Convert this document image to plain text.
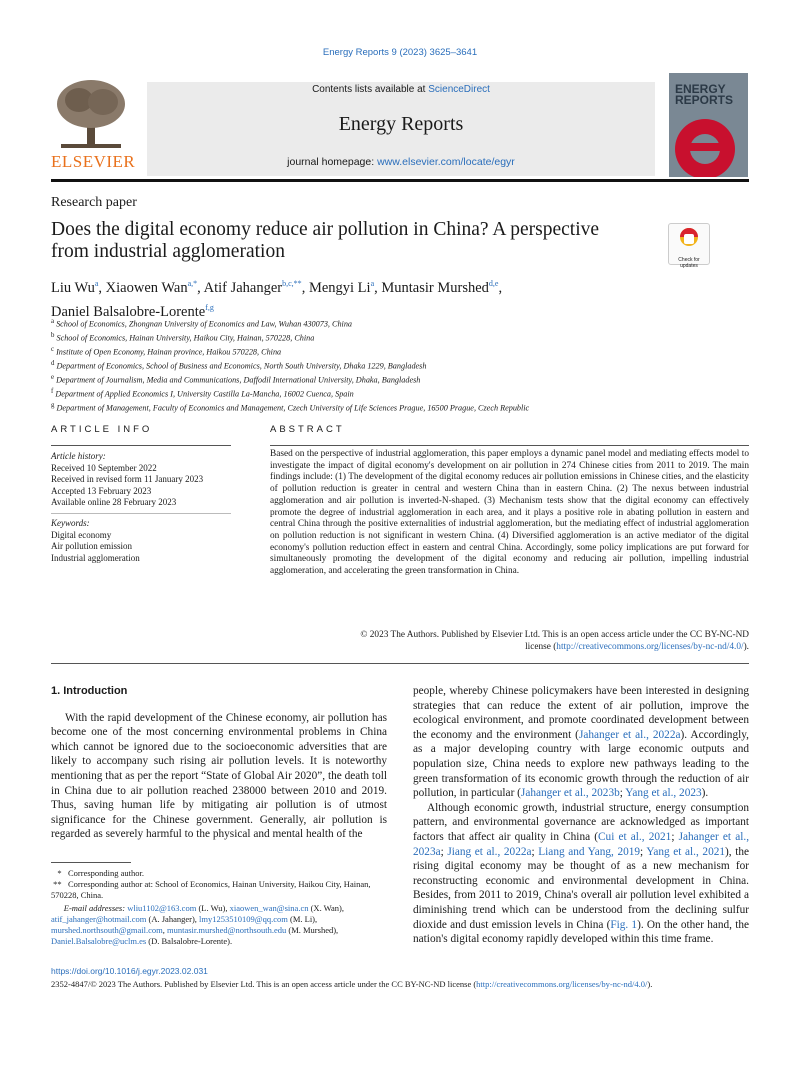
Energy Reports 9 (2023) 3625–3641
ELSEVIER
Contents lists available at ScienceDirect
Energy Reports
journal homepage: www.elsevier.com/locate/egyr
ENERGY
REPORTS
Research paper
Does the digital economy reduce air pollution in China? A perspective from industrial agglomeration	Check for updates
Liu Wu$^a$, Xiaowen Wan$^{a,*}$, Atif Jahanger$^{b,c,**}$, Mengyi Li$^a$, Muntasir Murshed$^{d,e}$,
Daniel Balsalobre-Lorente$^{f,g}$
$^a$ School of Economics, Zhongnan University of Economics and Law, Wuhan 430073, China
$^b$ School of Economics, Hainan University, Haikou City, Hainan, 570228, China
$^c$ Institute of Open Economy, Hainan province, Haikou 570228, China
$^d$ Department of Economics, School of Business and Economics, North South University, Dhaka 1229, Bangladesh
$^e$ Department of Journalism, Media and Communications, Daffodil International University, Dhaka, Bangladesh
$^f$ Department of Applied Economics I, University Castilla La-Mancha, 16002 Cuenca, Spain
$^g$ Department of Management, Faculty of Economics and Management, Czech University of Life Sciences Prague, 16500 Prague, Czech Republic
ARTICLE INFO	ABSTRACT
Article history:
Received 10 September 2022
Received in revised form 11 January 2023
Accepted 13 February 2023
Available online 28 February 2023
Keywords:
Digital economy
Air pollution emission
Industrial agglomeration
Based on the perspective of industrial agglomeration, this paper employs a dynamic panel model and mediating effects model to investigate the impact of digital economy's development on air pollution in 274 Chinese cities from 2011 to 2019. The main findings include: (1) The development of the digital economy reduces air pollution emissions in Chinese cities, and the elasticity of pollution reduction is greater in central and western China than in eastern China. (2) The nexus between industrial agglomeration and air pollution is inverted-N-shaped. (3) Mechanism tests show that the digital economy can effectively promote the degree of industrial agglomeration in each area, and it plays a positive role in abating pollution in eastern and central China through the positive externalities of industrial agglomeration, but the mediating effect of industrial agglomeration on pollution reduction is not significant in western China. (4) Diversified agglomeration is an active mediator of the digital economy's pollution reduction effect in eastern and central China. Accordingly, some policy implications are put forward for simultaneously promoting the development of the digital economy and reducing air pollution, impelling industrial agglomeration, and accelerating the green transformation in China.
© 2023 The Authors. Published by Elsevier Ltd. This is an open access article under the CC BY-NC-ND
license (http://creativecommons.org/licenses/by-nc-nd/4.0/).
1. Introduction

With the rapid development of the Chinese economy, air pollution has become one of the most concerning environmental problems in China which cannot be ignored due to the socioeconomic adversities that are likely to accompany such rising air pollution levels. It is noteworthy mentioning that as per the report “State of Global Air 2020”, the death toll in China due to air pollution reached 238000 between 2010 and 2019. Thus, saving human life by mitigating air pollution is of utmost significance for the Chinese government. Generally, air pollution is regarded as severely harmful to the physical and mental health of the

people, whereby Chinese policymakers have been interested in designing strategies that can reduce the extent of air pollution, improve the ecological environment, and promote coordinated development between the economy and the environment (Jahanger et al., 2022a). Accordingly, as a major developing country with large economic outputs and population size, China needs to explore new pathways leading to the green transformation of its economic growth through the reduction of air pollution, in particular (Jahanger et al., 2023b; Yang et al., 2023).

Although economic growth, industrial structure, energy consumption pattern, and environmental governance are acknowledged as important factors that affect air quality in China (Cui et al., 2021; Jahanger et al., 2023a; Jiang et al., 2022a; Liang and Yang, 2019; Yang et al., 2021), the rising digital economy may be thought of as a new mechanism for reconstructing economic and environmental development in China. Besides, from 2011 to 2019, China's overall air pollution level exhibited a diminishing trend which can be understood from the declining sulfur dioxide and dust emission levels in China (Fig. 1). On the other hand, the nation's digital economy rapidly developed within this time frame.

*   Corresponding author.
**   Corresponding author at: School of Economics, Hainan University, Haikou City, Hainan, 570228, China.
E-mail addresses: wliu1102@163.com (L. Wu), xiaowen_wan@sina.cn (X. Wan), atif_jahanger@hotmail.com (A. Jahanger), lmy1253510109@qq.com (M. Li), murshed.northsouth@gmail.com, muntasir.murshed@northsouth.edu (M. Murshed), Daniel.Balsalobre@uclm.es (D. Balsalobre-Lorente).
https://doi.org/10.1016/j.egyr.2023.02.031
2352-4847/© 2023 The Authors. Published by Elsevier Ltd. This is an open access article under the CC BY-NC-ND license (http://creativecommons.org/licenses/by-nc-nd/4.0/).
